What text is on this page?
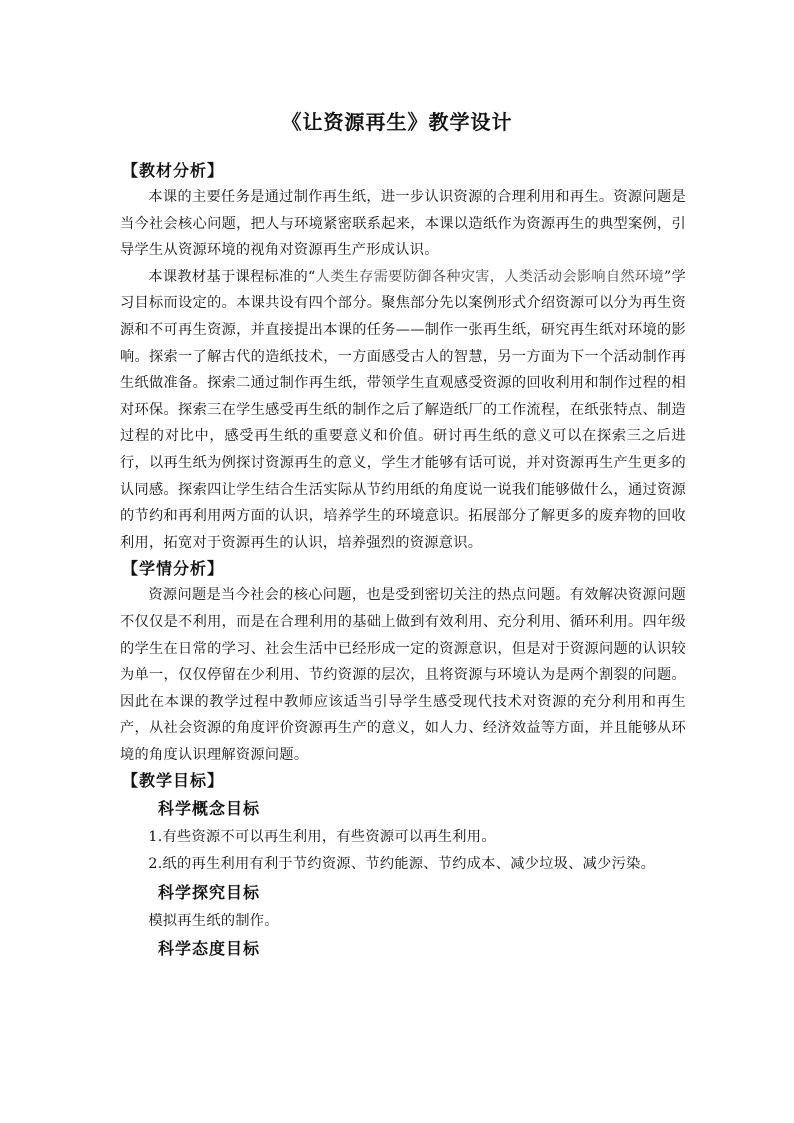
《让资源再生》教学设计
【教材分析】
本课的主要任务是通过制作再生纸，进一步认识资源的合理利用和再生。资源问题是当今社会核心问题，把人与环境紧密联系起来，本课以造纸作为资源再生的典型案例，引导学生从资源环境的视角对资源再生产形成认识。
本课教材基于课程标准的“人类生存需要防御各种灾害，人类活动会影响自然环境”学习目标而设定的。本课共设有四个部分。聚焦部分先以案例形式介绍资源可以分为再生资源和不可再生资源，并直接提出本课的任务——制作一张再生纸，研究再生纸对环境的影响。探索一了解古代的造纸技术，一方面感受古人的智慧，另一方面为下一个活动制作再生纸做准备。探索二通过制作再生纸，带领学生直观感受资源的回收利用和制作过程的相对环保。探索三在学生感受再生纸的制作之后了解造纸厂的工作流程，在纸张特点、制造过程的对比中，感受再生纸的重要意义和价值。研讨再生纸的意义可以在探索三之后进行，以再生纸为例探讨资源再生的意义，学生才能够有话可说，并对资源再生产生更多的认同感。探索四让学生结合生活实际从节约用纸的角度说一说我们能够做什么，通过资源的节约和再利用两方面的认识，培养学生的环境意识。拓展部分了解更多的废弃物的回收利用，拓宽对于资源再生的认识，培养强烈的资源意识。
【学情分析】
资源问题是当今社会的核心问题，也是受到密切关注的热点问题。有效解决资源问题不仅仅是不利用，而是在合理利用的基础上做到有效利用、充分利用、循环利用。四年级的学生在日常的学习、社会生活中已经形成一定的资源意识，但是对于资源问题的认识较为单一，仅仅停留在少利用、节约资源的层次，且将资源与环境认为是两个割裂的问题。因此在本课的教学过程中教师应该适当引导学生感受现代技术对资源的充分利用和再生产，从社会资源的角度评价资源再生产的意义，如人力、经济效益等方面，并且能够从环境的角度认识理解资源问题。
【教学目标】
科学概念目标
1.有些资源不可以再生利用，有些资源可以再生利用。
2.纸的再生利用有利于节约资源、节约能源、节约成本、减少垃圾、减少污染。
科学探究目标
模拟再生纸的制作。
科学态度目标
